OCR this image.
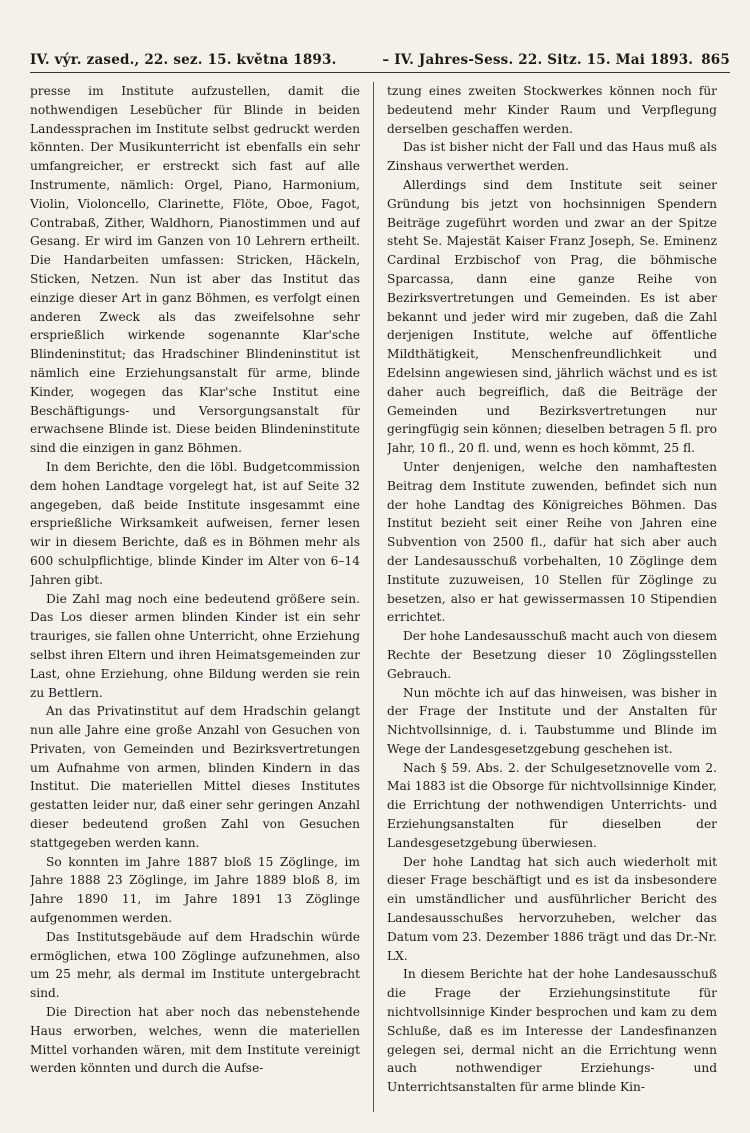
IV. výr. zased., 22. sez. 15. května 1893.	– IV. Jahres-Sess. 22. Sitz. 15. Mai 1893. 865

presse im Institute aufzustellen, damit die nothwendigen Lesebücher für Blinde in beiden Landessprachen im Institute selbst gedruckt werden könnten. Der Musikunterricht ist ebenfalls ein sehr umfangreicher, er erstreckt sich fast auf alle Instrumente, nämlich: Orgel, Piano, Harmonium, Violin, Violoncello, Clarinette, Flöte, Oboe, Fagot, Contrabaß, Zither, Waldhorn, Pianostimmen und auf Gesang. Er wird im Ganzen von 10 Lehrern ertheilt. Die Handarbeiten umfassen: Stricken, Häckeln, Sticken, Netzen. Nun ist aber das Institut das einzige dieser Art in ganz Böhmen, es verfolgt einen anderen Zweck als das zweifelsohne sehr ersprießlich wirkende sogenannte Klar'sche Blindeninstitut; das Hradschiner Blindeninstitut ist nämlich eine Erziehungsanstalt für arme, blinde Kinder, wogegen das Klar'sche Institut eine Beschäftigungs- und Versorgungsanstalt für erwachsene Blinde ist. Diese beiden Blindeninstitute sind die einzigen in ganz Böhmen.

In dem Berichte, den die löbl. Budgetcommission dem hohen Landtage vorgelegt hat, ist auf Seite 32 angegeben, daß beide Institute insgesammt eine ersprießliche Wirksamkeit aufweisen, ferner lesen wir in diesem Berichte, daß es in Böhmen mehr als 600 schulpflichtige, blinde Kinder im Alter von 6–14 Jahren gibt.

Die Zahl mag noch eine bedeutend größere sein. Das Los dieser armen blinden Kinder ist ein sehr trauriges, sie fallen ohne Unterricht, ohne Erziehung selbst ihren Eltern und ihren Heimatsgemeinden zur Last, ohne Erziehung, ohne Bildung werden sie rein zu Bettlern.

An das Privatinstitut auf dem Hradschin gelangt nun alle Jahre eine große Anzahl von Gesuchen von Privaten, von Gemeinden und Bezirksvertretungen um Aufnahme von armen, blinden Kindern in das Institut. Die materiellen Mittel dieses Institutes gestatten leider nur, daß einer sehr geringen Anzahl dieser bedeutend großen Zahl von Gesuchen stattgegeben werden kann.

So konnten im Jahre 1887 bloß 15 Zöglinge, im Jahre 1888 23 Zöglinge, im Jahre 1889 bloß 8, im Jahre 1890 11, im Jahre 1891 13 Zöglinge aufgenommen werden.

Das Institutsgebäude auf dem Hradschin würde ermöglichen, etwa 100 Zöglinge aufzunehmen, also um 25 mehr, als dermal im Institute untergebracht sind.

Die Direction hat aber noch das nebenstehende Haus erworben, welches, wenn die materiellen Mittel vorhanden wären, mit dem Institute vereinigt werden könnten und durch die Aufse-

tzung eines zweiten Stockwerkes können noch für bedeutend mehr Kinder Raum und Verpflegung derselben geschaffen werden.

Das ist bisher nicht der Fall und das Haus muß als Zinshaus verwerthet werden.

Allerdings sind dem Institute seit seiner Gründung bis jetzt von hochsinnigen Spendern Beiträge zugeführt worden und zwar an der Spitze steht Se. Majestät Kaiser Franz Joseph, Se. Eminenz Cardinal Erzbischof von Prag, die böhmische Sparcassa, dann eine ganze Reihe von Bezirksvertretungen und Gemeinden. Es ist aber bekannt und jeder wird mir zugeben, daß die Zahl derjenigen Institute, welche auf öffentliche Mildthätigkeit, Menschenfreundlichkeit und Edelsinn angewiesen sind, jährlich wächst und es ist daher auch begreiflich, daß die Beiträge der Gemeinden und Bezirksvertretungen nur geringfügig sein können; dieselben betragen 5 fl. pro Jahr, 10 fl., 20 fl. und, wenn es hoch kömmt, 25 fl.

Unter denjenigen, welche den namhaftesten Beitrag dem Institute zuwenden, befindet sich nun der hohe Landtag des Königreiches Böhmen. Das Institut bezieht seit einer Reihe von Jahren eine Subvention von 2500 fl., dafür hat sich aber auch der Landesausschuß vorbehalten, 10 Zöglinge dem Institute zuzuweisen, 10 Stellen für Zöglinge zu besetzen, also er hat gewissermassen 10 Stipendien errichtet.

Der hohe Landesausschuß macht auch von diesem Rechte der Besetzung dieser 10 Zöglingsstellen Gebrauch.

Nun möchte ich auf das hinweisen, was bisher in der Frage der Institute und der Anstalten für Nichtvollsinnige, d. i. Taubstumme und Blinde im Wege der Landesgesetzgebung geschehen ist.

Nach § 59. Abs. 2. der Schulgesetznovelle vom 2. Mai 1883 ist die Obsorge für nichtvollsinnige Kinder, die Errichtung der nothwendigen Unterrichts- und Erziehungsanstalten für dieselben der Landesgesetzgebung überwiesen.

Der hohe Landtag hat sich auch wiederholt mit dieser Frage beschäftigt und es ist da insbesondere ein umständlicher und ausführlicher Bericht des Landesausschußes hervorzuheben, welcher das Datum vom 23. Dezember 1886 trägt und das Dr.-Nr. LX.

In diesem Berichte hat der hohe Landesausschuß die Frage der Erziehungsinstitute für nichtvollsinnige Kinder besprochen und kam zu dem Schluße, daß es im Interesse der Landesfinanzen gelegen sei, dermal nicht an die Errichtung wenn auch nothwendiger Erziehungs- und Unterrichtsanstalten für arme blinde Kin-
